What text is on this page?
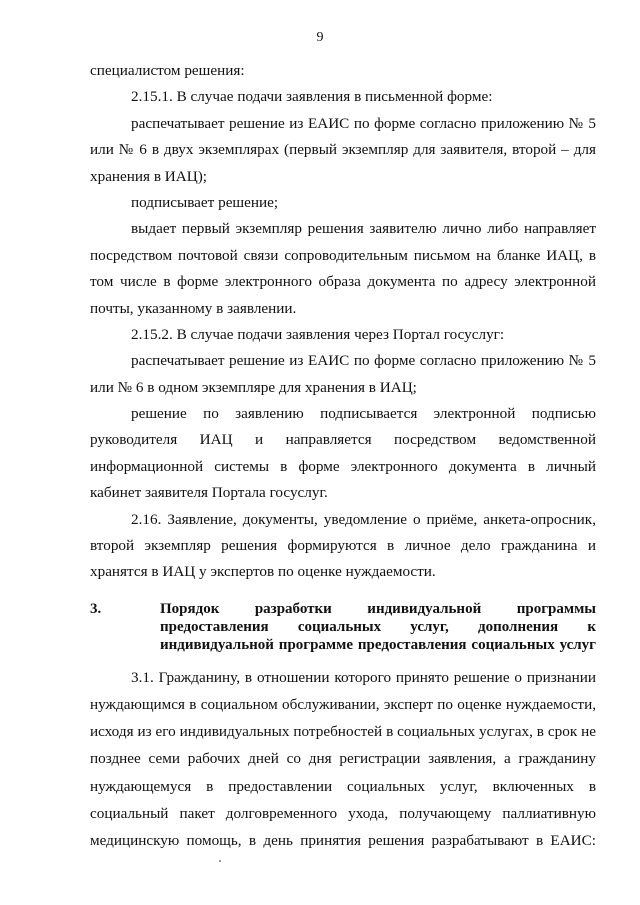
9
специалистом решения:
2.15.1. В случае подачи заявления в письменной форме:
распечатывает решение из ЕАИС по форме согласно приложению № 5
или № 6 в двух экземплярах (первый экземпляр для заявителя, второй – для
хранения в ИАЦ);
подписывает решение;
выдает первый экземпляр решения заявителю лично либо направляет
посредством почтовой связи сопроводительным письмом на бланке ИАЦ, в
том числе в форме электронного образа документа по адресу электронной
почты, указанному в заявлении.
2.15.2. В случае подачи заявления через Портал госуслуг:
распечатывает решение из ЕАИС по форме согласно приложению № 5
или № 6 в одном экземпляре для хранения в ИАЦ;
решение по заявлению подписывается электронной подписью
руководителя ИАЦ и направляется посредством ведомственной
информационной системы в форме электронного документа в личный
кабинет заявителя Портала госуслуг.
2.16. Заявление, документы, уведомление о приёме, анкета-опросник,
второй экземпляр решения формируются в личное дело гражданина и
хранятся в ИАЦ у экспертов по оценке нуждаемости.
3.	Порядок разработки индивидуальной программы
предоставления социальных услуг, дополнения к
индивидуальной программе предоставления социальных услуг
3.1. Гражданину, в отношении которого принято решение о признании
нуждающимся в социальном обслуживании, эксперт по оценке нуждаемости,
исходя из его индивидуальных потребностей в социальных услугах, в срок не
позднее семи рабочих дней со дня регистрации заявления, а гражданину
нуждающемуся в предоставлении социальных услуг, включенных в
социальный пакет долговременного ухода, получающему паллиативную
медицинскую помощь, в день принятия решения разрабатывают в ЕАИС:
